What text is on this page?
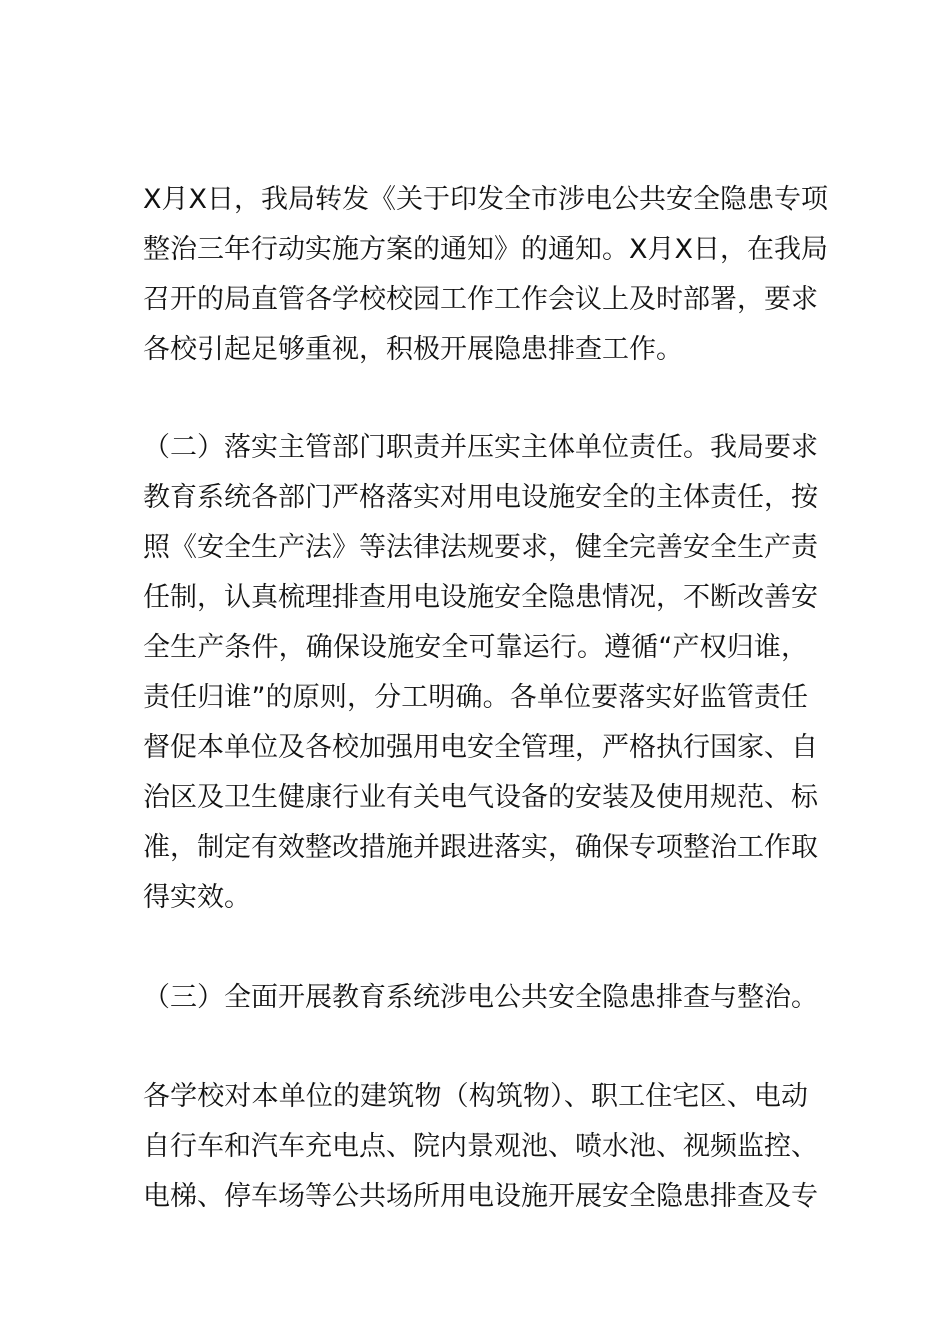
X月X日，我局转发《关于印发全市涉电公共安全隐患专项
整治三年行动实施方案的通知》的通知。X月X日，在我局
召开的局直管各学校校园工作工作会议上及时部署，要求
各校引起足够重视，积极开展隐患排查工作。
（二）落实主管部门职责并压实主体单位责任。我局要求
教育系统各部门严格落实对用电设施安全的主体责任，按
照《安全生产法》等法律法规要求，健全完善安全生产责
任制，认真梳理排查用电设施安全隐患情况，不断改善安
全生产条件，确保设施安全可靠运行。遵循“产权归谁，
责任归谁”的原则，分工明确。各单位要落实好监管责任
督促本单位及各校加强用电安全管理，严格执行国家、自
治区及卫生健康行业有关电气设备的安装及使用规范、标
准，制定有效整改措施并跟进落实，确保专项整治工作取
得实效。
（三）全面开展教育系统涉电公共安全隐患排查与整治。
各学校对本单位的建筑物（构筑物）、职工住宅区、电动
自行车和汽车充电点、院内景观池、喷水池、视频监控、
电梯、停车场等公共场所用电设施开展安全隐患排查及专
